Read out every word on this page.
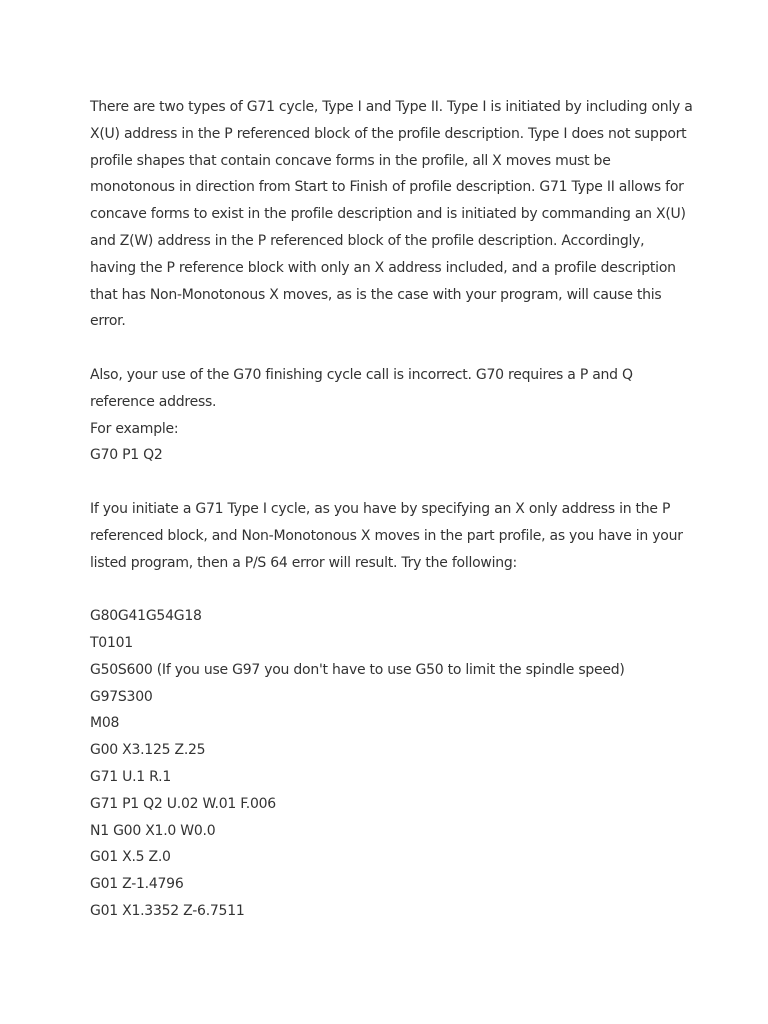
There are two types of G71 cycle, Type I and Type II. Type I is initiated by including only a
X(U) address in the P referenced block of the profile description. Type I does not support
profile shapes that contain concave forms in the profile, all X moves must be
monotonous in direction from Start to Finish of profile description. G71 Type II allows for
concave forms to exist in the profile description and is initiated by commanding an X(U)
and Z(W) address in the P referenced block of the profile description. Accordingly,
having the P reference block with only an X address included, and a profile description
that has Non-Monotonous X moves, as is the case with your program, will cause this
error.

Also, your use of the G70 finishing cycle call is incorrect. G70 requires a P and Q
reference address.
For example:
G70 P1 Q2

If you initiate a G71 Type I cycle, as you have by specifying an X only address in the P
referenced block, and Non-Monotonous X moves in the part profile, as you have in your
listed program, then a P/S 64 error will result. Try the following:

G80G41G54G18
T0101
G50S600 (If you use G97 you don't have to use G50 to limit the spindle speed)
G97S300
M08
G00 X3.125 Z.25
G71 U.1 R.1
G71 P1 Q2 U.02 W.01 F.006
N1 G00 X1.0 W0.0
G01 X.5 Z.0
G01 Z-1.4796
G01 X1.3352 Z-6.7511
